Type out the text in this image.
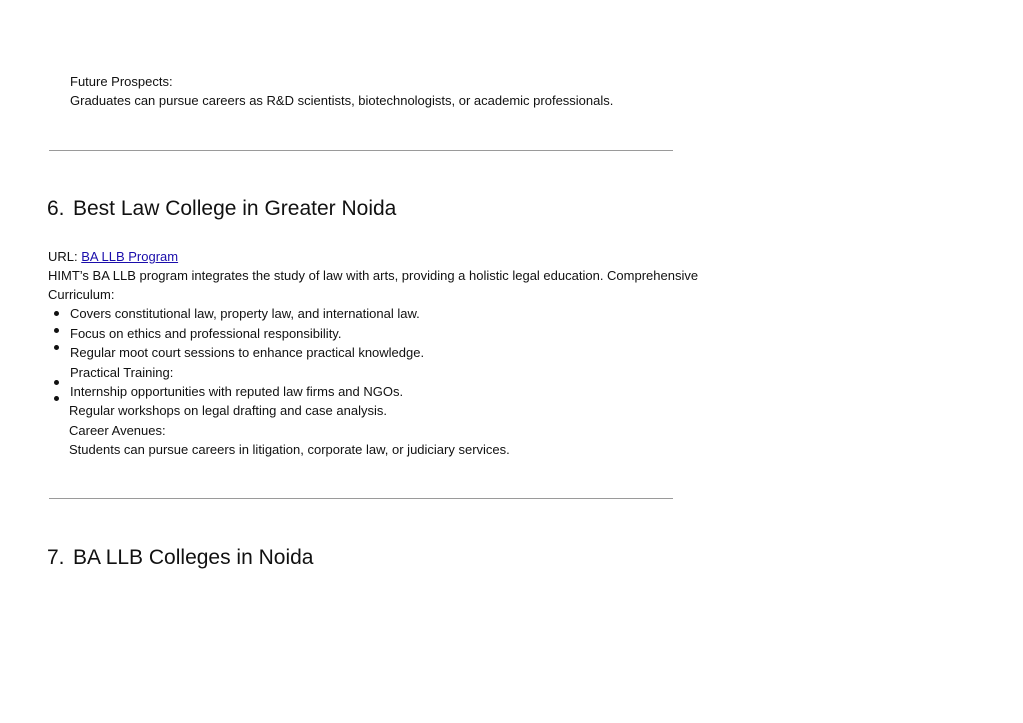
Future Prospects:
Graduates can pursue careers as R&D scientists, biotechnologists, or academic professionals.
6. Best Law College in Greater Noida
URL: BA LLB Program
HIMT’s BA LLB program integrates the study of law with arts, providing a holistic legal education. Comprehensive
Curriculum:
Covers constitutional law, property law, and international law.
Focus on ethics and professional responsibility.
Regular moot court sessions to enhance practical knowledge.
Practical Training:
Internship opportunities with reputed law firms and NGOs.
Regular workshops on legal drafting and case analysis.
Career Avenues:
Students can pursue careers in litigation, corporate law, or judiciary services.
7. BA LLB Colleges in Noida
